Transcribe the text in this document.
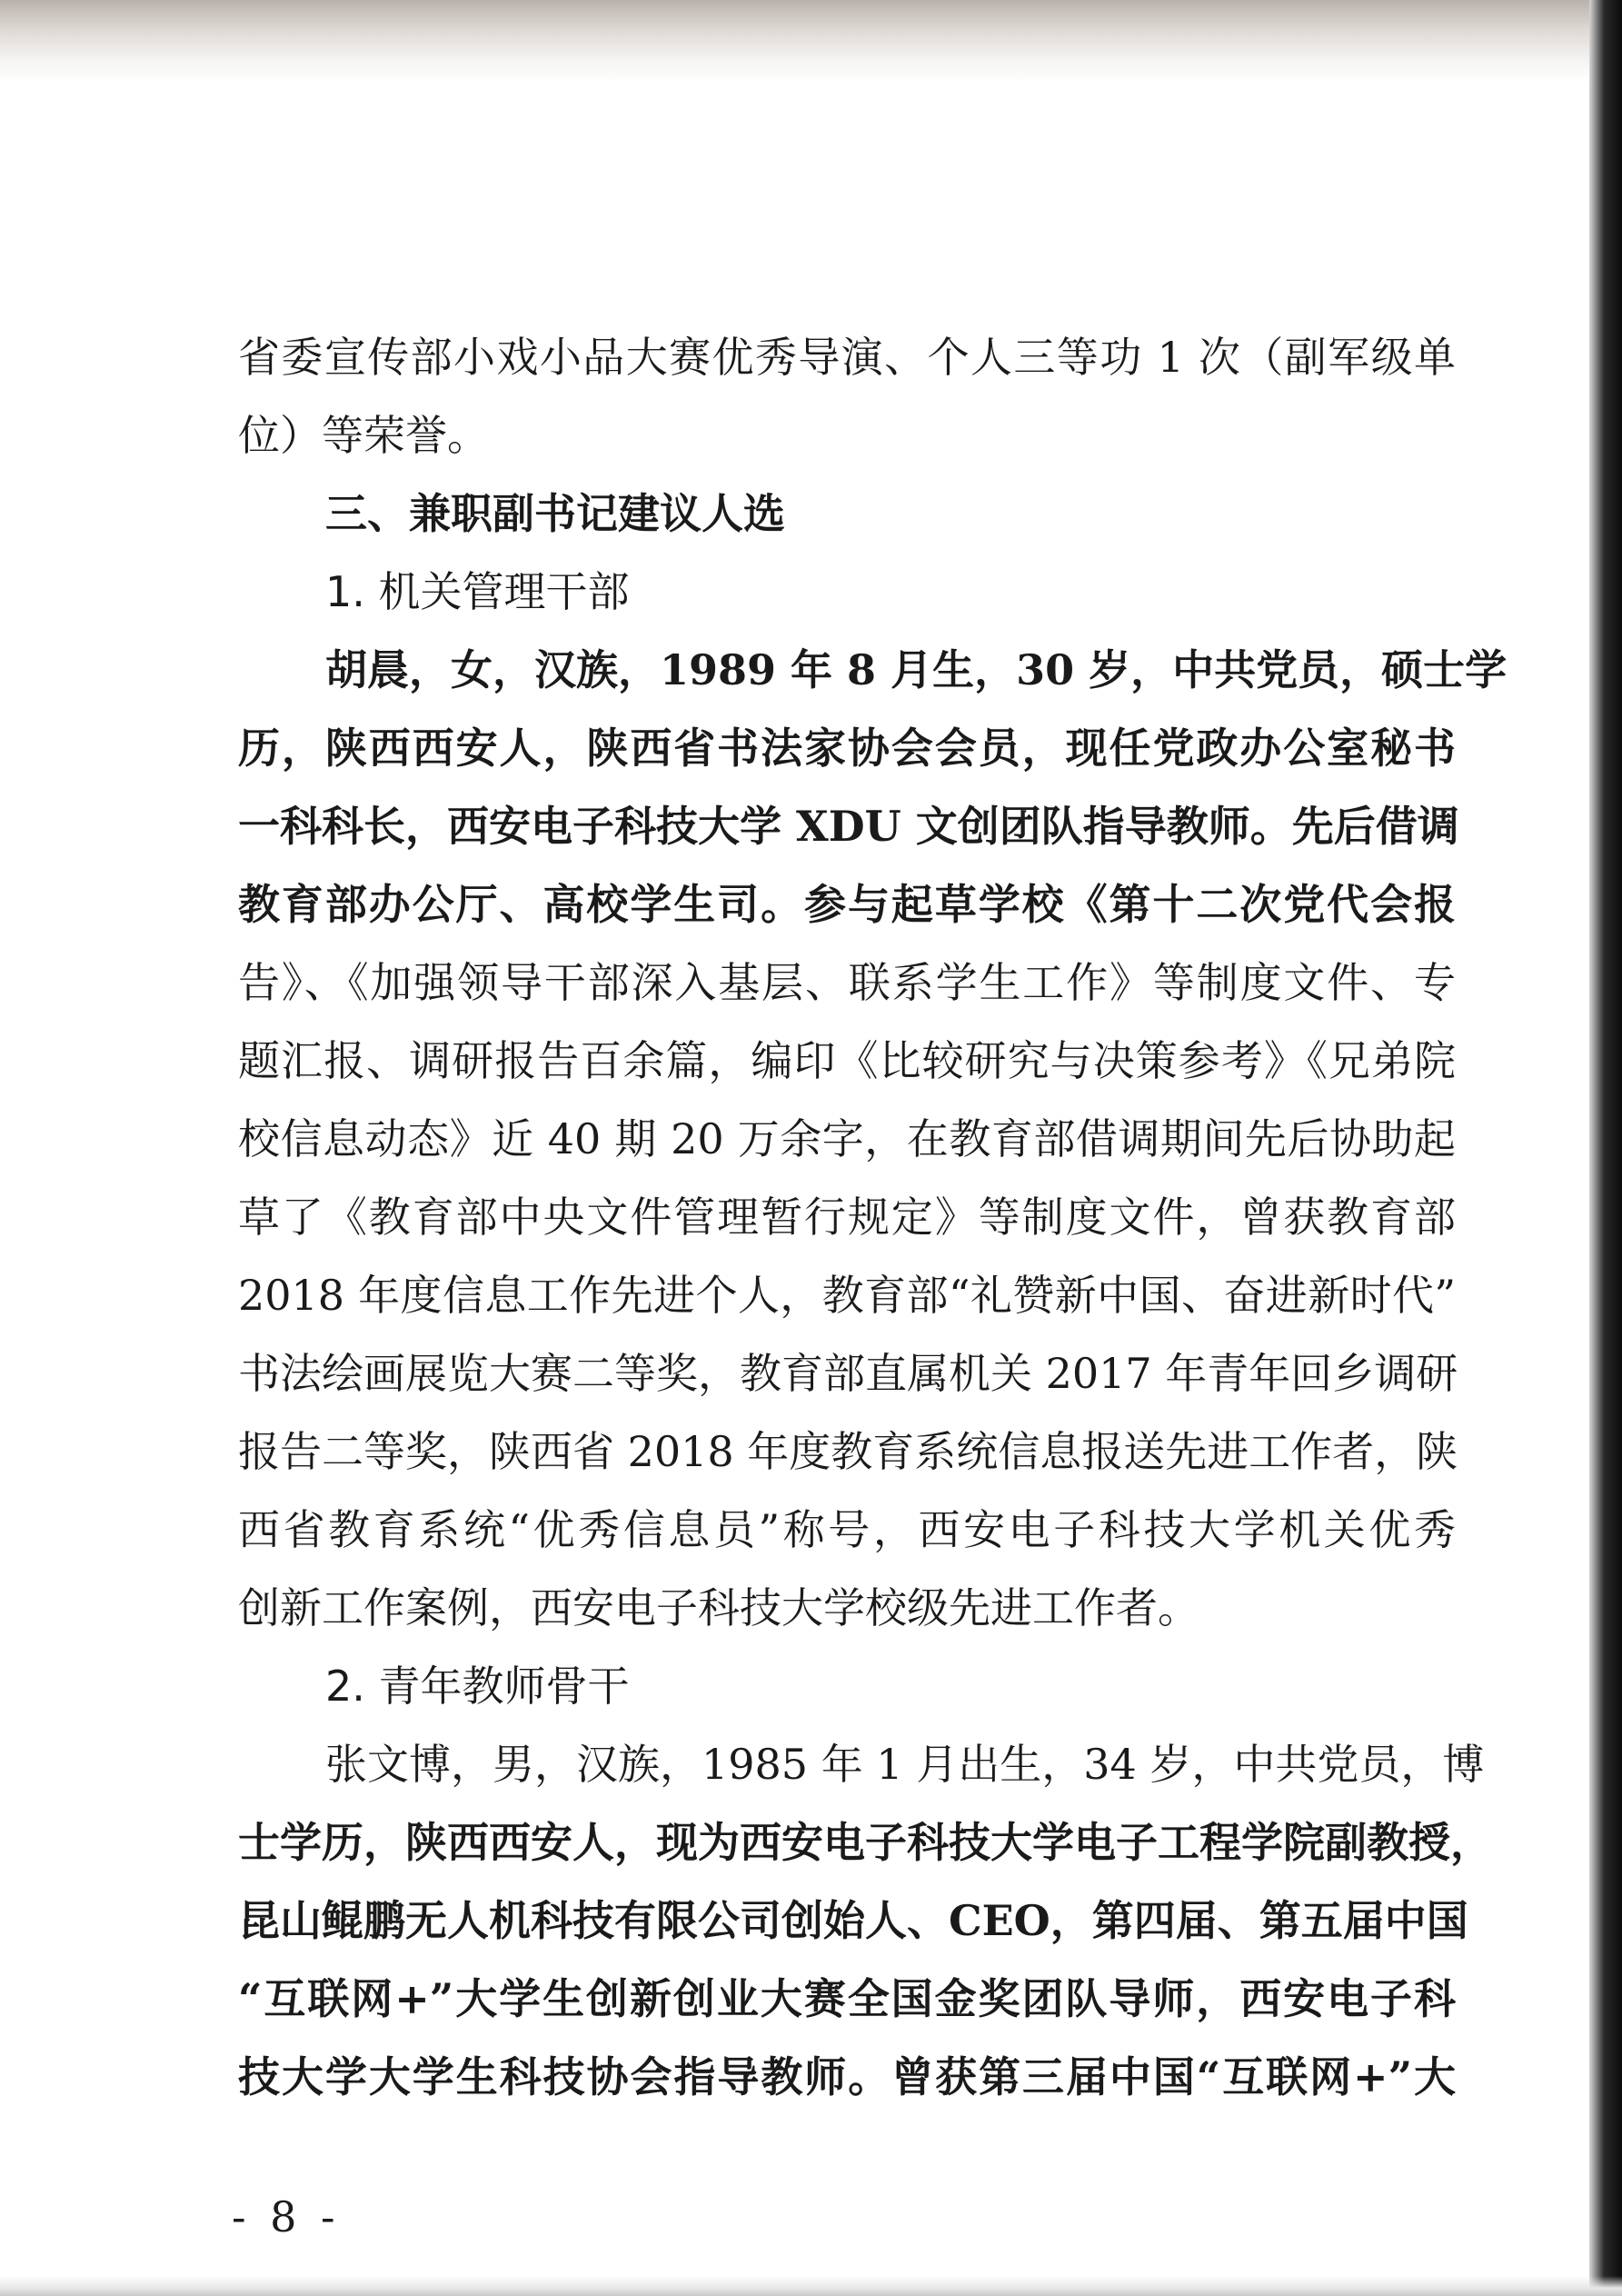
省委宣传部小戏小品大赛优秀导演、个人三等功 1 次（副军级单

位）等荣誉。

三、兼职副书记建议人选

1. 机关管理干部

胡晨，女，汉族，1989 年 8 月生，30 岁，中共党员，硕士学

历，陕西西安人，陕西省书法家协会会员，现任党政办公室秘书

一科科长，西安电子科技大学 XDU 文创团队指导教师。先后借调

教育部办公厅、高校学生司。参与起草学校《第十二次党代会报

告》、《加强领导干部深入基层、联系学生工作》等制度文件、专

题汇报、调研报告百余篇，编印《比较研究与决策参考》《兄弟院

校信息动态》近 40 期 20 万余字，在教育部借调期间先后协助起

草了《教育部中央文件管理暂行规定》等制度文件，曾获教育部

2018 年度信息工作先进个人，教育部“礼赞新中国、奋进新时代”

书法绘画展览大赛二等奖，教育部直属机关 2017 年青年回乡调研

报告二等奖，陕西省 2018 年度教育系统信息报送先进工作者，陕

西省教育系统“优秀信息员”称号，西安电子科技大学机关优秀

创新工作案例，西安电子科技大学校级先进工作者。

2. 青年教师骨干

张文博，男，汉族，1985 年 1 月出生，34 岁，中共党员，博

士学历，陕西西安人，现为西安电子科技大学电子工程学院副教授，

昆山鲲鹏无人机科技有限公司创始人、CEO，第四届、第五届中国

“互联网+”大学生创新创业大赛全国金奖团队导师，西安电子科

技大学大学生科技协会指导教师。曾获第三届中国“互联网+”大

- 8 -
